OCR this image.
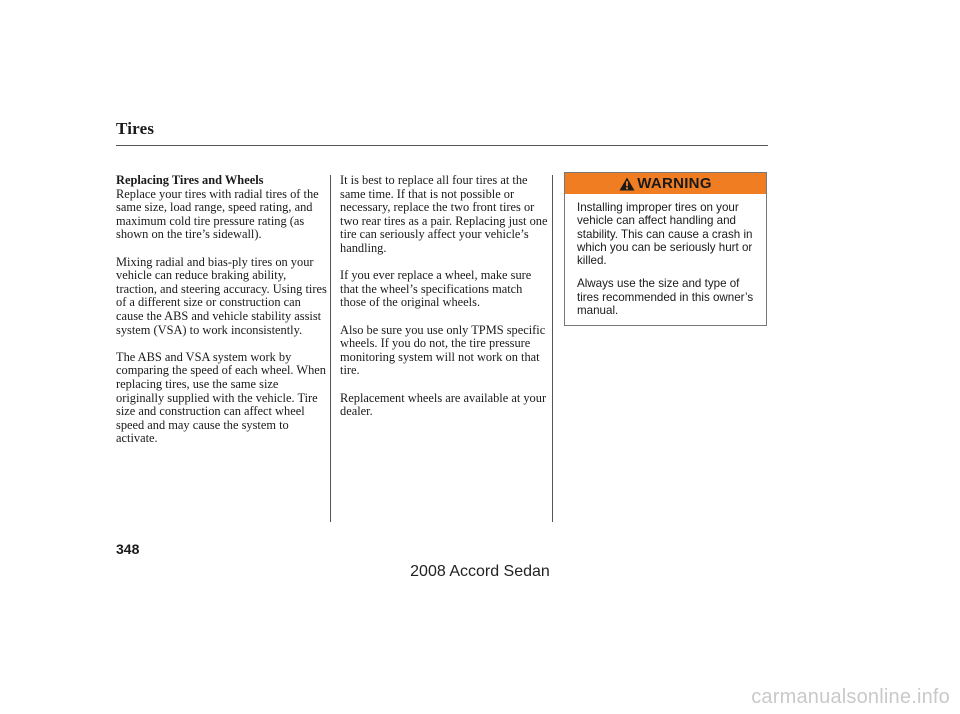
Tires
Replacing Tires and Wheels

Replace your tires with radial tires of the same size, load range, speed rating, and maximum cold tire pressure rating (as shown on the tire’s sidewall).

Mixing radial and bias-ply tires on your vehicle can reduce braking ability, traction, and steering accuracy. Using tires of a different size or construction can cause the ABS and vehicle stability assist system (VSA) to work inconsistently.

The ABS and VSA system work by comparing the speed of each wheel. When replacing tires, use the same size originally supplied with the vehicle. Tire size and construction can affect wheel speed and may cause the system to activate.

It is best to replace all four tires at the same time. If that is not possible or necessary, replace the two front tires or two rear tires as a pair. Replacing just one tire can seriously affect your vehicle’s handling.

If you ever replace a wheel, make sure that the wheel’s specifications match those of the original wheels.

Also be sure you use only TPMS specific wheels. If you do not, the tire pressure monitoring system will not work on that tire.

Replacement wheels are available at your dealer.

WARNING

Installing improper tires on your vehicle can affect handling and stability. This can cause a crash in which you can be seriously hurt or killed.

Always use the size and type of tires recommended in this owner’s manual.

348
2008 Accord Sedan
carmanualsonline.info
